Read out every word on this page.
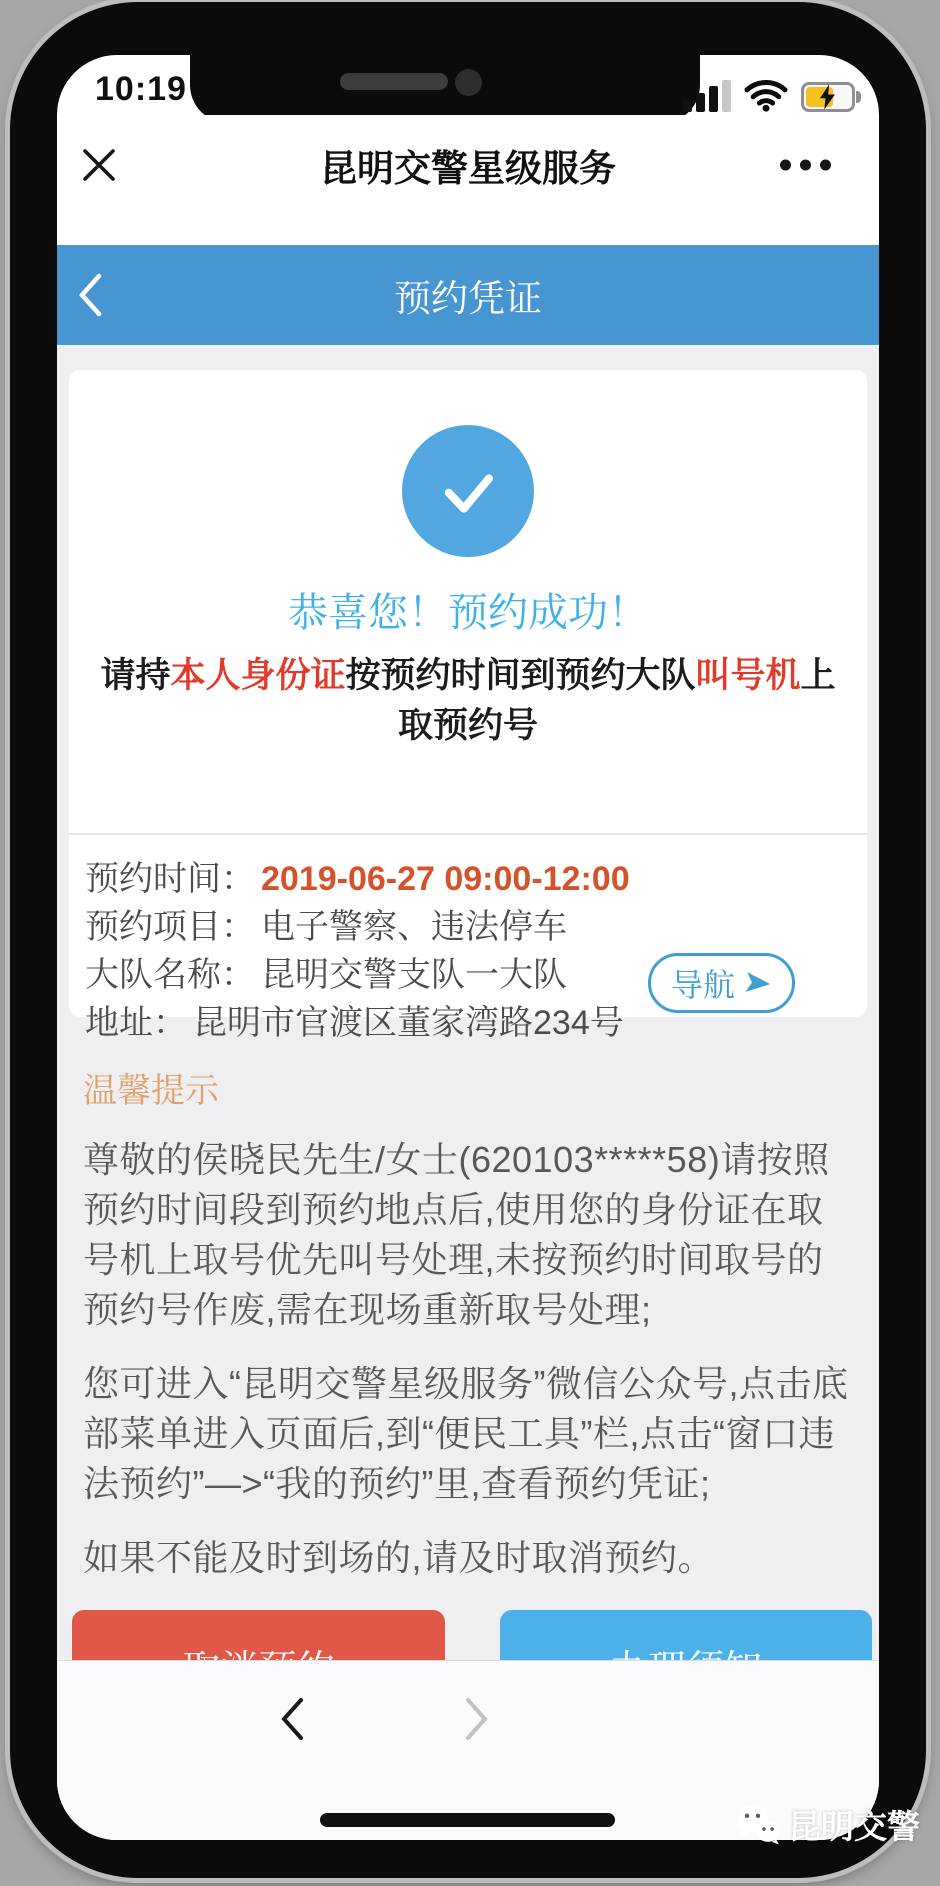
10:19
昆明交警星级服务
预约凭证
恭喜您！预约成功！

请持本人身份证按预约时间到预约大队叫号机上取预约号

预约时间： 2019-06-27 09:00-12:00
预约项目： 电子警察、违法停车
大队名称： 昆明交警支队一大队
地址： 昆明市官渡区董家湾路234号
导航
温馨提示

尊敬的侯晓民先生/女士(620103*****58)请按照预约时间段到预约地点后,使用您的身份证在取号机上取号优先叫号处理,未按预约时间取号的预约号作废,需在现场重新取号处理;

您可进入“昆明交警星级服务”微信公众号,点击底部菜单进入页面后,到“便民工具”栏,点击“窗口违法预约”—>“我的预约”里,查看预约凭证;

如果不能及时到场的,请及时取消预约。

昆明交警
